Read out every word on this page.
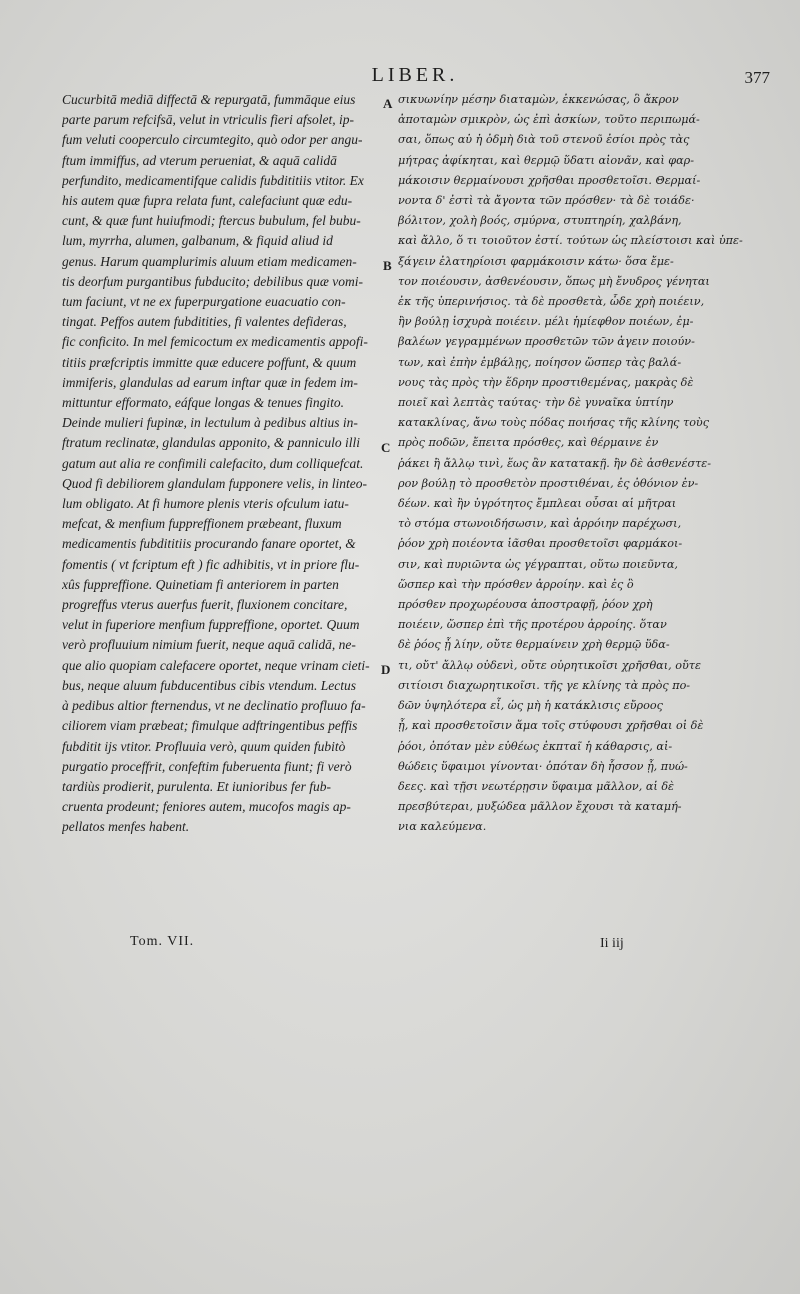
LIBER.	377
Cucurbitā mediā diffectā & repurgatā, fummāque eius
parte parum refcifsā, velut in vtriculis fieri afsolet, ip-
fum veluti cooperculo circumtegito, quò odor per angu-
ftum immiffus, ad vterum perueniat, & aquā calidā
perfundito, medicamentifque calidis fubdititiis vtitor. Ex
his autem quæ fupra relata funt, calefaciunt quæ edu-
cunt, & quæ funt huiufmodi; ftercus bubulum, fel bubu-
lum, myrrha, alumen, galbanum, & fiquid aliud id
genus. Harum quamplurimis aluum etiam medicamen-
tis deorfum purgantibus fubducito; debilibus quæ vomi-
tum faciunt, vt ne ex fuperpurgatione euacuatio con-
tingat. Peffos autem fubditities, fi valentes defideras,
fic conficito. In mel femicoctum ex medicamentis appofi-
titiis præfcriptis immitte quæ educere poffunt, & quum
immiferis, glandulas ad earum inftar quæ in fedem im-
mittuntur efformato, eáfque longas & tenues fingito.
Deinde mulieri fupinæ, in lectulum à pedibus altius in-
ftratum reclinatæ, glandulas apponito, & panniculo illi
gatum aut alia re confimili calefacito, dum colliquefcat.
Quod fi debiliorem glandulam fupponere velis, in linteo-
lum obligato. At fi humore plenis vteris ofculum iatu-
mefcat, & menfium fuppreffionem præbeant, fluxum
medicamentis fubdititiis procurando fanare oportet, &
fomentis ( vt fcriptum eft ) fic adhibitis, vt in priore flu-
xûs fuppreffione. Quinetiam fi anteriorem in parten
progreffus vterus auerfus fuerit, fluxionem concitare,
velut in fuperiore menfium fuppreffione, oportet. Quum
verò profluuium nimium fuerit, neque aquā calidā, ne-
que alio quopiam calefacere oportet, neque vrinam cieti-
bus, neque aluum fubducentibus cibis vtendum. Lectus
à pedibus altior fternendus, vt ne declinatio profluuo fa-
ciliorem viam præbeat; fimulque adftringentibus peffis
fubditit ijs vtitor. Profluuia verò, quum quiden fubitò
purgatio proceffrit, confeftim fuberuenta fiunt; fi verò
tardiùs prodierit, purulenta. Et iunioribus fer fub-
cruenta prodeunt; feniores autem, mucofos magis ap-
pellatos menfes habent.
A
B
C
D
σικυωνίην μέσην διαταμὼν, ἐκκενώσας, ὃ ἄκρον
ἀποταμὼν σμικρὸν, ὡς ἐπὶ ἀσκίων, τοῦτο περιπωμά-
σαι, ὅπως αὐ ἡ ὀδμὴ διὰ τοῦ στενοῦ ἐσίοι πρὸς τὰς
μήτρας ἀφίκηται, καὶ θερμῷ ὕδατι αἰονᾶν, καὶ φαρ-
μάκοισιν θερμαίνουσι χρῆσθαι προσθετοῖσι. Θερμαί-
νοντα δ' ἐστὶ τὰ ἄγοντα τῶν πρόσθεν· τὰ δὲ τοιάδε·
βόλιτον, χολὴ βοός, σμύρνα, στυπτηρίη, χαλβάνη,
καὶ ἄλλο, ὅ τι τοιοῦτον ἐστί. τούτων ὡς πλείστοισι καὶ ὑπε-
ξάγειν ἐλατηρίοισι φαρμάκοισιν κάτω· ὅσα ἔμε-
τον ποιέουσιν, ἀσθενέουσιν, ὅπως μὴ ἔνυδρος γένηται
ἐκ τῆς ὑπερινήσιος. τὰ δὲ προσθετὰ, ὧδε χρὴ ποιέειν,
ἢν βούλῃ ἰσχυρὰ ποιέειν. μέλι ἡμίεφθον ποιέων, ἐμ-
βαλέων γεγραμμένων προσθετῶν τῶν ἀγειν ποιούν-
των, καὶ ἐπὴν ἐμβάλῃς, ποίησον ὥσπερ τὰς βαλά-
νους τὰς πρὸς τὴν ἕδρην προστιθεμένας, μακρὰς δὲ
ποιεῖ καὶ λεπτὰς ταύτας· τὴν δὲ γυναῖκα ὑπτίην
κατακλίνας, ἄνω τοὺς πόδας ποιήσας τῆς κλίνης τοὺς
πρὸς ποδῶν, ἔπειτα πρόσθες, καὶ θέρμαινε ἐν
ῥάκει ἢ ἄλλῳ τινὶ, ἕως ἂν κατατακῇ. ἢν δὲ ἀσθενέστε-
ρον βούλῃ τὸ προσθετὸν προστιθέναι, ἐς ὀθόνιον ἐν-
δέων. καὶ ἢν ὑγρότητος ἔμπλεαι οὖσαι αἱ μῆτραι
τὸ στόμα στωνοιδήσωσιν, καὶ ἀρρόιην παρέχωσι,
ῥόον χρὴ ποιέοντα ἰᾶσθαι προσθετοῖσι φαρμάκοι-
σιν, καὶ πυριῶντα ὡς γέγραπται, οὕτω ποιεῦντα,
ὥσπερ καὶ τὴν πρόσθεν ἀρροίην. καὶ ἐς ὃ
πρόσθεν προχωρέουσα ἀποστραφῇ, ῥόον χρὴ
ποιέειν, ὥσπερ ἐπὶ τῆς προτέρου ἀρροίης. ὅταν
δὲ ῥόος ᾖ λίην, οὔτε θερμαίνειν χρὴ θερμῷ ὕδα-
τι, οὔτ' ἄλλῳ οὐδενὶ, οὔτε οὐρητικοῖσι χρῆσθαι, οὔτε
σιτίοισι διαχωρητικοῖσι. τῆς γε κλίνης τὰ πρὸς πο-
δῶν ὑψηλότερα εἶ, ὡς μὴ ἡ κατάκλισις εὔροος
ᾖ, καὶ προσθετοῖσιν ἅμα τοῖς στύφουσι χρῆσθαι οἱ δὲ
ῥόοι, ὁπόταν μὲν εὐθέως ἐκπταῖ ἡ κάθαρσις, αἱ-
θώδεις ὕφαιμοι γίνονται· ὁπόταν δὴ ἧσσον ᾖ, πυώ-
δεες. καὶ τῇσι νεωτέρῃσιν ὕφαιμα μᾶλλον, αἱ δὲ
πρεσβύτεραι, μυξώδεα μᾶλλον ἔχουσι τὰ καταμή-
νια καλεύμενα.
Tom. VII.	Ii iij
